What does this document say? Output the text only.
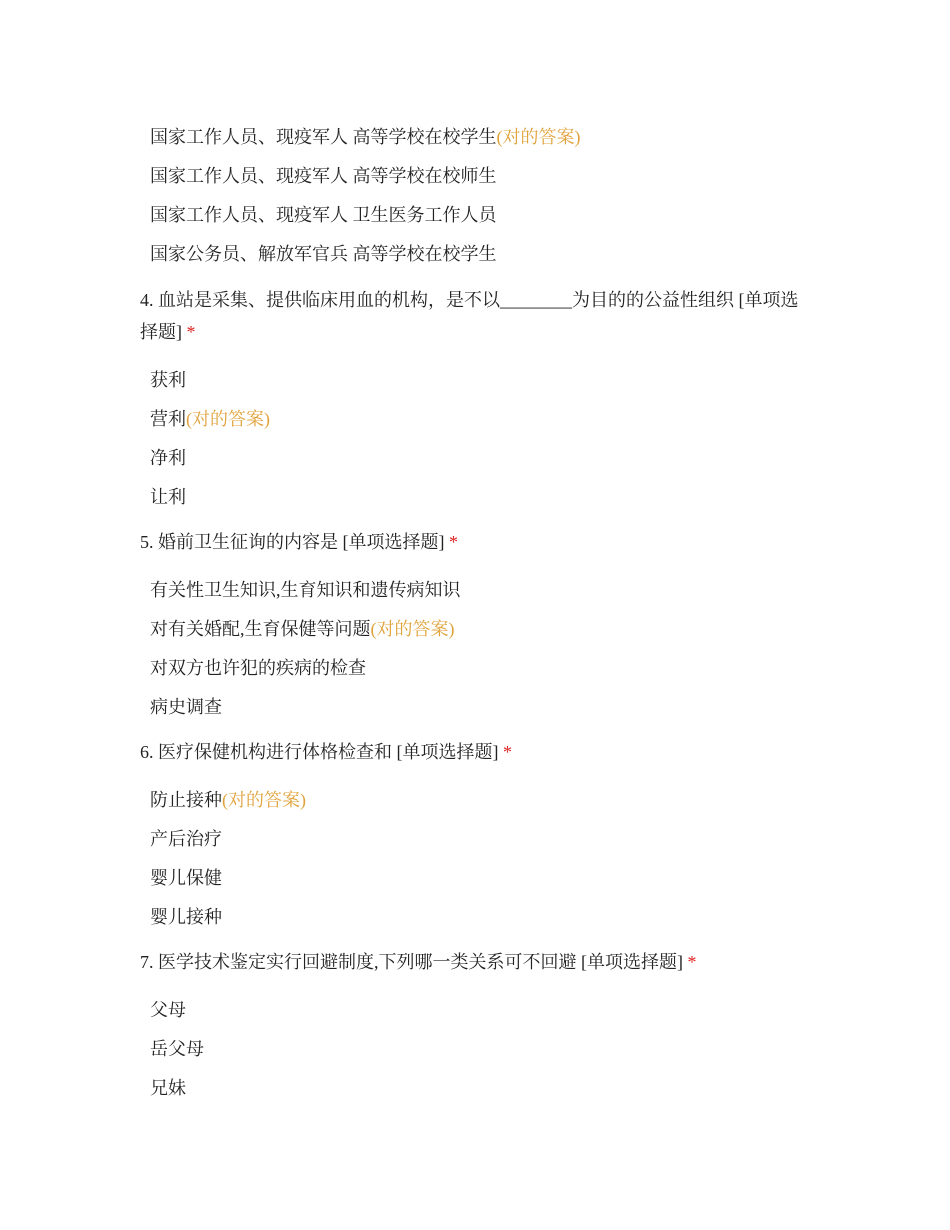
国家工作人员、现疫军人 高等学校在校学生(对的答案)
国家工作人员、现疫军人 高等学校在校师生
国家工作人员、现疫军人 卫生医务工作人员
国家公务员、解放军官兵 高等学校在校学生
4. 血站是采集、提供临床用血的机构，是不以________为目的的公益性组织 [单项选择题] *
获利
营利(对的答案)
净利
让利
5. 婚前卫生征询的内容是 [单项选择题] *
有关性卫生知识,生育知识和遗传病知识
对有关婚配,生育保健等问题(对的答案)
对双方也许犯的疾病的检查
病史调查
6. 医疗保健机构进行体格检查和 [单项选择题] *
防止接种(对的答案)
产后治疗
婴儿保健
婴儿接种
7. 医学技术鉴定实行回避制度,下列哪一类关系可不回避 [单项选择题] *
父母
岳父母
兄妹
